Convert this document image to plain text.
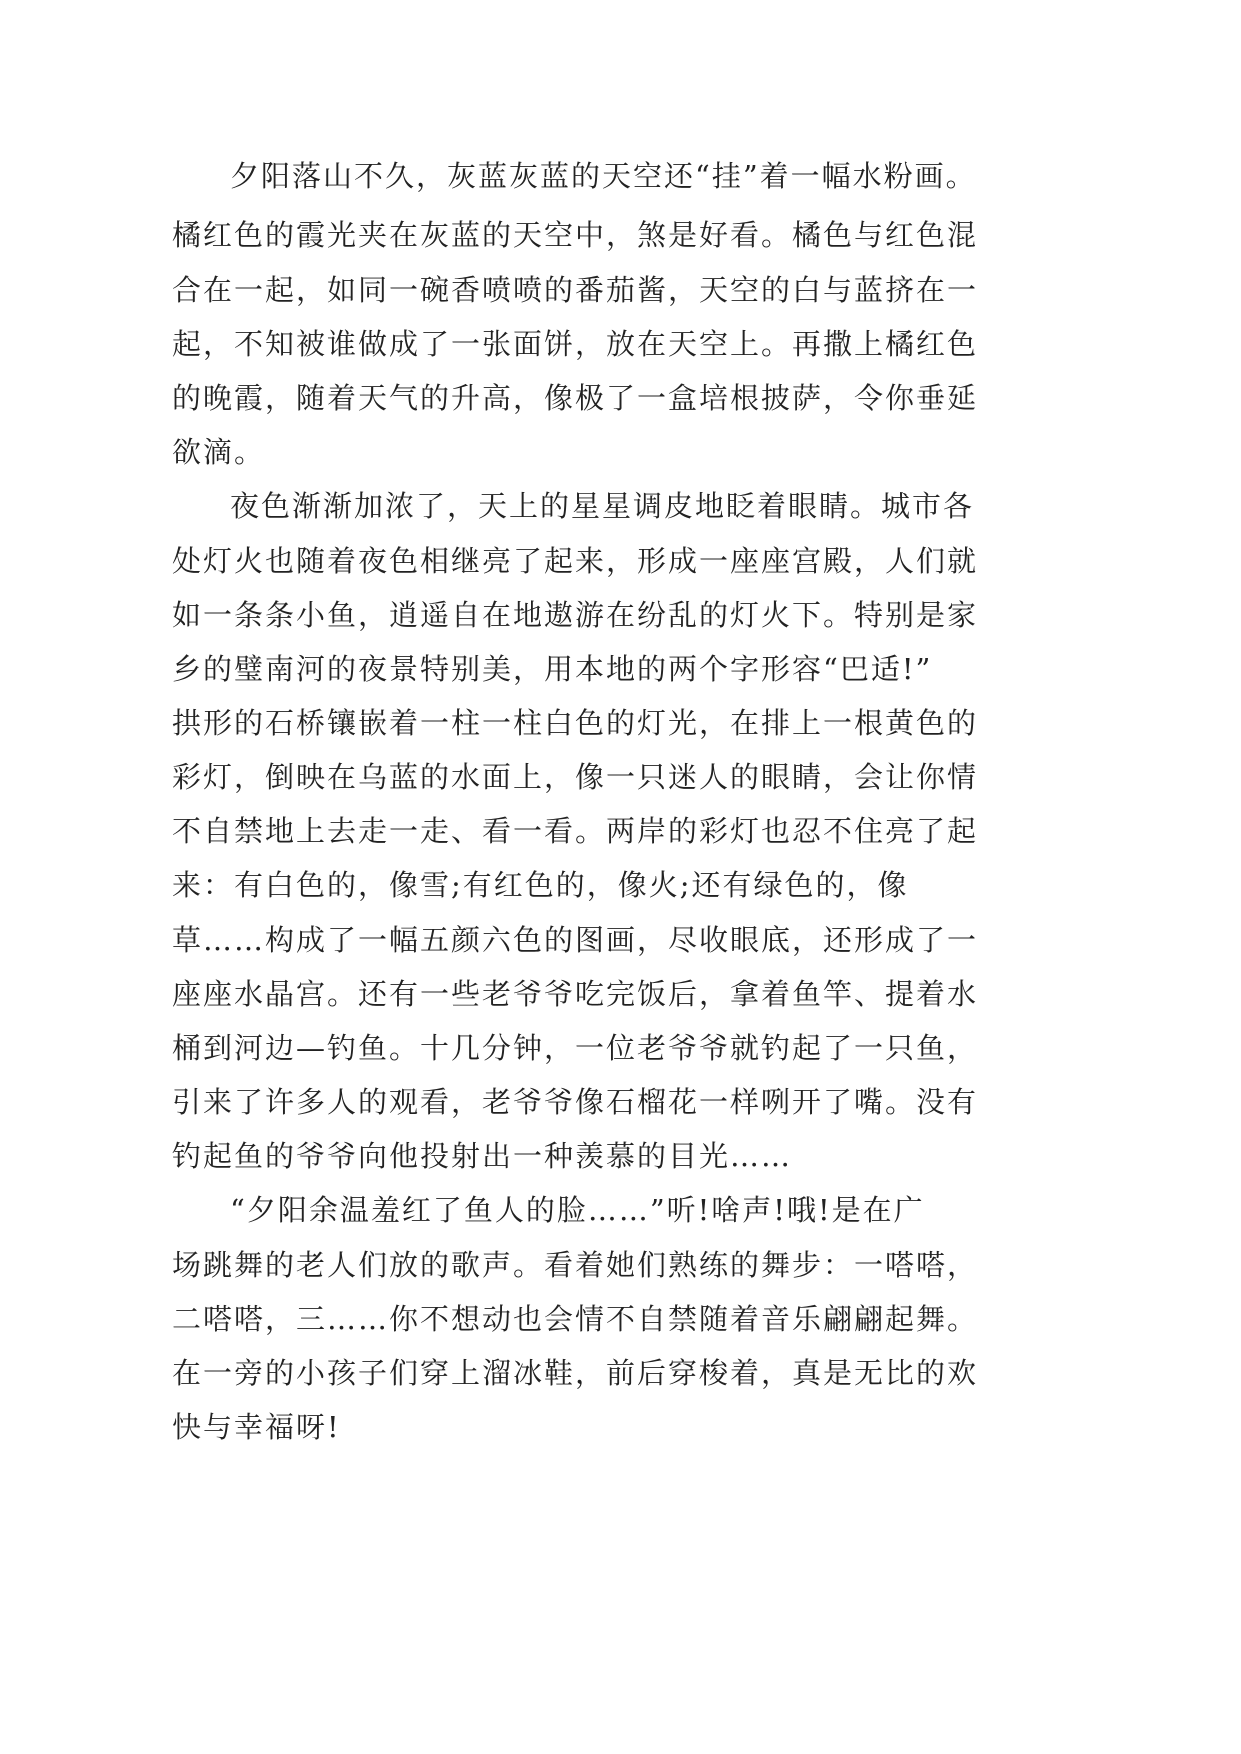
夕阳落山不久，灰蓝灰蓝的天空还“挂”着一幅水粉画。

橘红色的霞光夹在灰蓝的天空中，煞是好看。橘色与红色混

合在一起，如同一碗香喷喷的番茄酱，天空的白与蓝挤在一

起，不知被谁做成了一张面饼，放在天空上。再撒上橘红色

的晚霞，随着天气的升高，像极了一盒培根披萨，令你垂延

欲滴。

夜色渐渐加浓了，天上的星星调皮地眨着眼睛。城市各

处灯火也随着夜色相继亮了起来，形成一座座宫殿，人们就

如一条条小鱼，逍遥自在地遨游在纷乱的灯火下。特别是家

乡的璧南河的夜景特别美，用本地的两个字形容“巴适!”

拱形的石桥镶嵌着一柱一柱白色的灯光，在排上一根黄色的

彩灯，倒映在乌蓝的水面上，像一只迷人的眼睛，会让你情

不自禁地上去走一走、看一看。两岸的彩灯也忍不住亮了起

来：有白色的，像雪;有红色的，像火;还有绿色的，像

草……构成了一幅五颜六色的图画，尽收眼底，还形成了一

座座水晶宫。还有一些老爷爷吃完饭后，拿着鱼竿、提着水

桶到河边—钓鱼。十几分钟，一位老爷爷就钓起了一只鱼，

引来了许多人的观看，老爷爷像石榴花一样咧开了嘴。没有

钓起鱼的爷爷向他投射出一种羡慕的目光……

“夕阳余温羞红了鱼人的脸……”听!啥声!哦!是在广

场跳舞的老人们放的歌声。看着她们熟练的舞步：一嗒嗒，

二嗒嗒，三……你不想动也会情不自禁随着音乐翩翩起舞。

在一旁的小孩子们穿上溜冰鞋，前后穿梭着，真是无比的欢

快与幸福呀!
